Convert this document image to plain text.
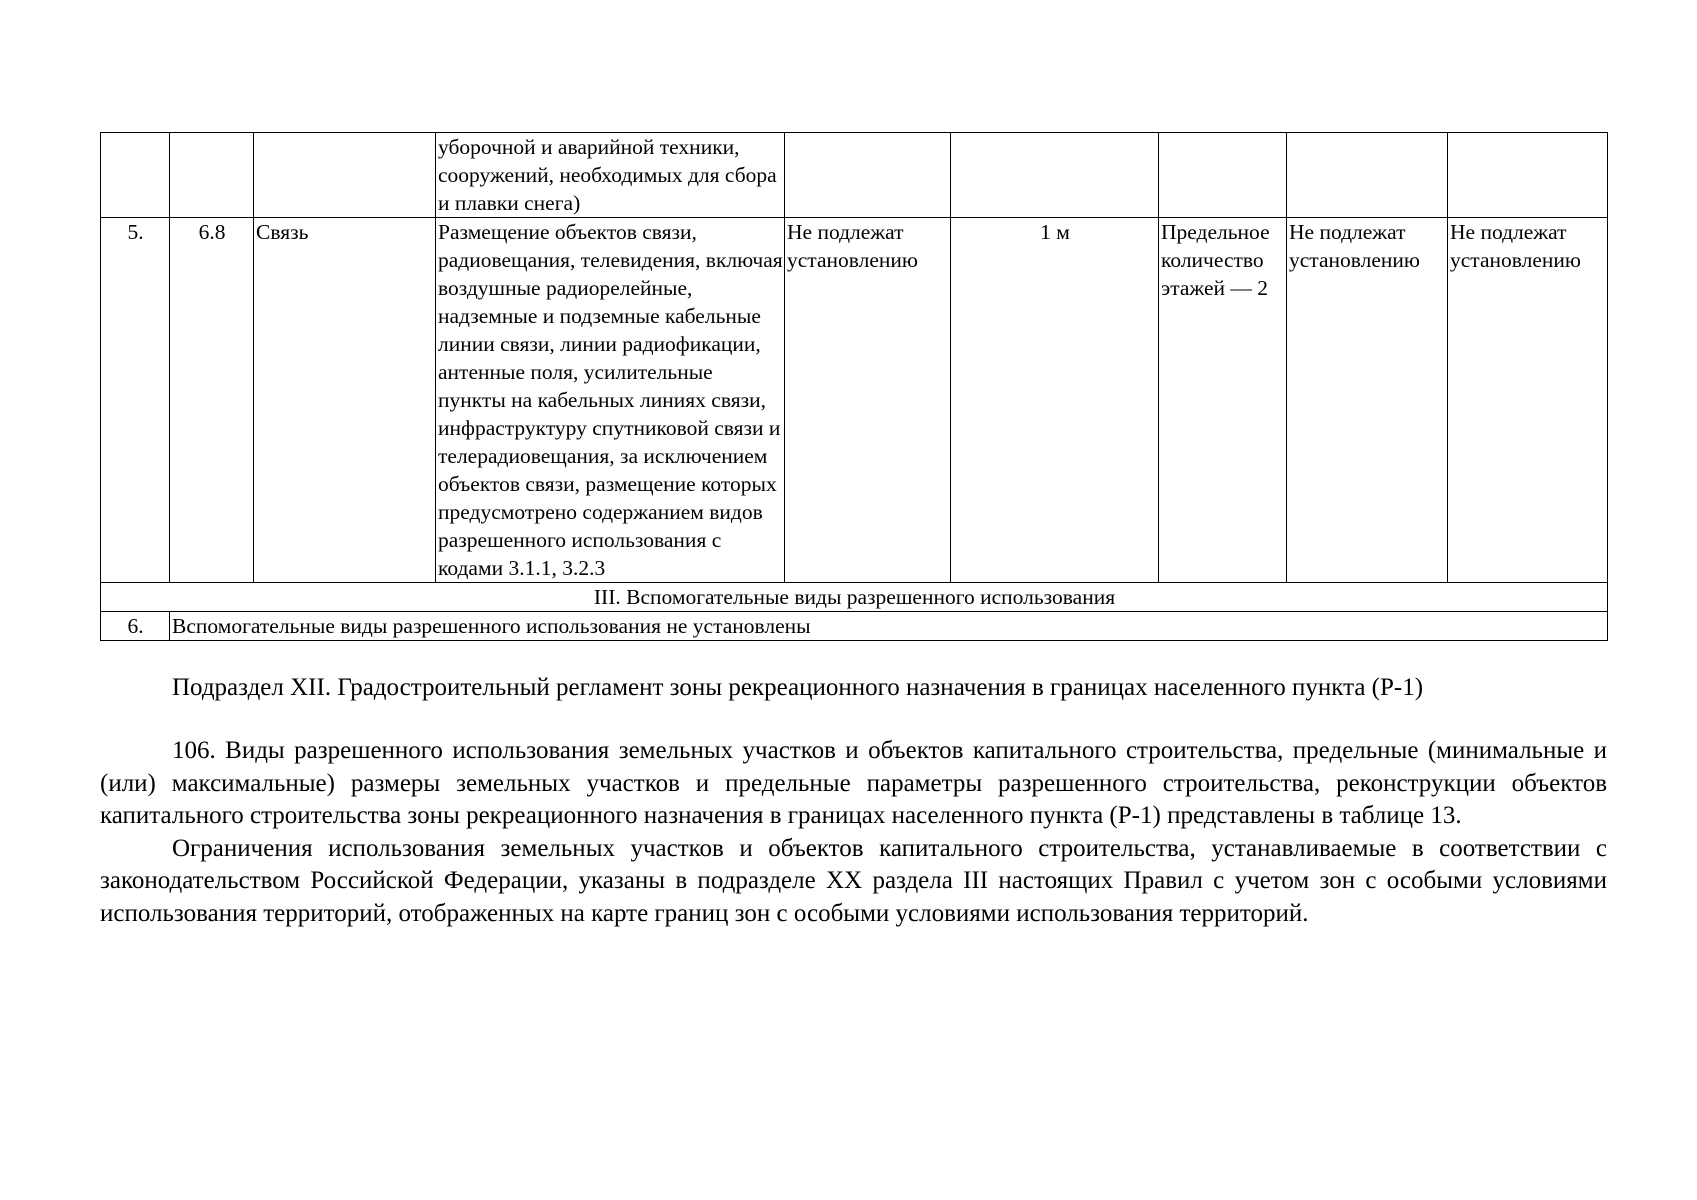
			уборочной и аварийной техники, сооружений, необходимых для сбора и плавки снега)					
5.	6.8	Связь	Размещение объектов связи, радиовещания, телевидения, включая воздушные радиорелейные, надземные и подземные кабельные линии связи, линии радиофикации, антенные поля, усилительные пункты на кабельных линиях связи, инфраструктуру спутниковой связи и телерадиовещания, за исключением объектов связи, размещение которых предусмотрено содержанием видов разрешенного использования с кодами 3.1.1, 3.2.3	Не подлежат установлению	1 м	Предельное количество этажей — 2	Не подлежат установлению	Не подлежат установлению
III. Вспомогательные виды разрешенного использования								
6.	Вспомогательные виды разрешенного использования не установлены							
Подраздел XII. Градостроительный регламент зоны рекреационного назначения в границах населенного пункта (Р-1)

106. Виды разрешенного использования земельных участков и объектов капитального строительства, предельные (минимальные и (или) максимальные) размеры земельных участков и предельные параметры разрешенного строительства, реконструкции объектов капитального строительства зоны рекреационного назначения в границах населенного пункта (Р-1) представлены в таблице 13.

Ограничения использования земельных участков и объектов капитального строительства, устанавливаемые в соответствии с законодательством Российской Федерации, указаны в подразделе XX раздела III настоящих Правил с учетом зон с особыми условиями использования территорий, отображенных на карте границ зон с особыми условиями использования территорий.
